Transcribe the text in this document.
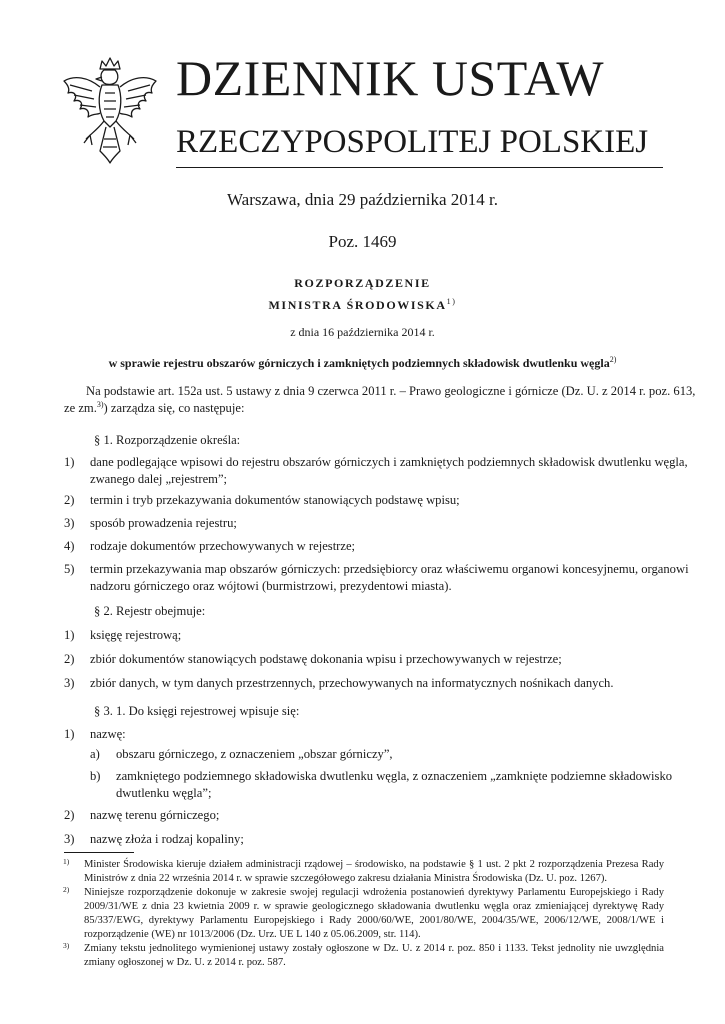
DZIENNIK USTAW
RZECZYPOSPOLITEJ POLSKIEJ
Warszawa, dnia 29 października 2014 r.
Poz. 1469
ROZPORZĄDZENIE
MINISTRA ŚRODOWISKA$^{1)}$
z dnia 16 października 2014 r.
w sprawie rejestru obszarów górniczych i zamkniętych podziemnych składowisk dwutlenku węgla$^{2)}$
Na podstawie art. 152a ust. 5 ustawy z dnia 9 czerwca 2011 r. – Prawo geologiczne i górnicze (Dz. U. z 2014 r. poz. 613,
ze zm.$^{3)}$) zarządza się, co następuje:
§ 1. Rozporządzenie określa:
1) dane podlegające wpisowi do rejestru obszarów górniczych i zamkniętych podziemnych składowisk dwutlenku węgla,
zwanego dalej „rejestrem”;
2) termin i tryb przekazywania dokumentów stanowiących podstawę wpisu;
3) sposób prowadzenia rejestru;
4) rodzaje dokumentów przechowywanych w rejestrze;
5) termin przekazywania map obszarów górniczych: przedsiębiorcy oraz właściwemu organowi koncesyjnemu, organowi
nadzoru górniczego oraz wójtowi (burmistrzowi, prezydentowi miasta).
§ 2. Rejestr obejmuje:
1) księgę rejestrową;
2) zbiór dokumentów stanowiących podstawę dokonania wpisu i przechowywanych w rejestrze;
3) zbiór danych, w tym danych przestrzennych, przechowywanych na informatycznych nośnikach danych.
§ 3. 1. Do księgi rejestrowej wpisuje się:
1) nazwę:
a) obszaru górniczego, z oznaczeniem „obszar górniczy”,
b) zamkniętego podziemnego składowiska dwutlenku węgla, z oznaczeniem „zamknięte podziemne składowisko
dwutlenku węgla”;
2) nazwę terenu górniczego;
3) nazwę złoża i rodzaj kopaliny;
1) Minister Środowiska kieruje działem administracji rządowej – środowisko, na podstawie § 1 ust. 2 pkt 2 rozporządzenia Prezesa Rady Ministrów z dnia 22 września 2014 r. w sprawie szczegółowego zakresu działania Ministra Środowiska (Dz. U. poz. 1267).
2) Niniejsze rozporządzenie dokonuje w zakresie swojej regulacji wdrożenia postanowień dyrektywy Parlamentu Europejskiego i Rady 2009/31/WE z dnia 23 kwietnia 2009 r. w sprawie geologicznego składowania dwutlenku węgla oraz zmieniającej dyrektywę Rady 85/337/EWG, dyrektywy Parlamentu Europejskiego i Rady 2000/60/WE, 2001/80/WE, 2004/35/WE, 2006/12/WE, 2008/1/WE i rozporządzenie (WE) nr 1013/2006 (Dz. Urz. UE L 140 z 05.06.2009, str. 114).
3) Zmiany tekstu jednolitego wymienionej ustawy zostały ogłoszone w Dz. U. z 2014 r. poz. 850 i 1133. Tekst jednolity nie uwzględnia zmiany ogłoszonej w Dz. U. z 2014 r. poz. 587.
